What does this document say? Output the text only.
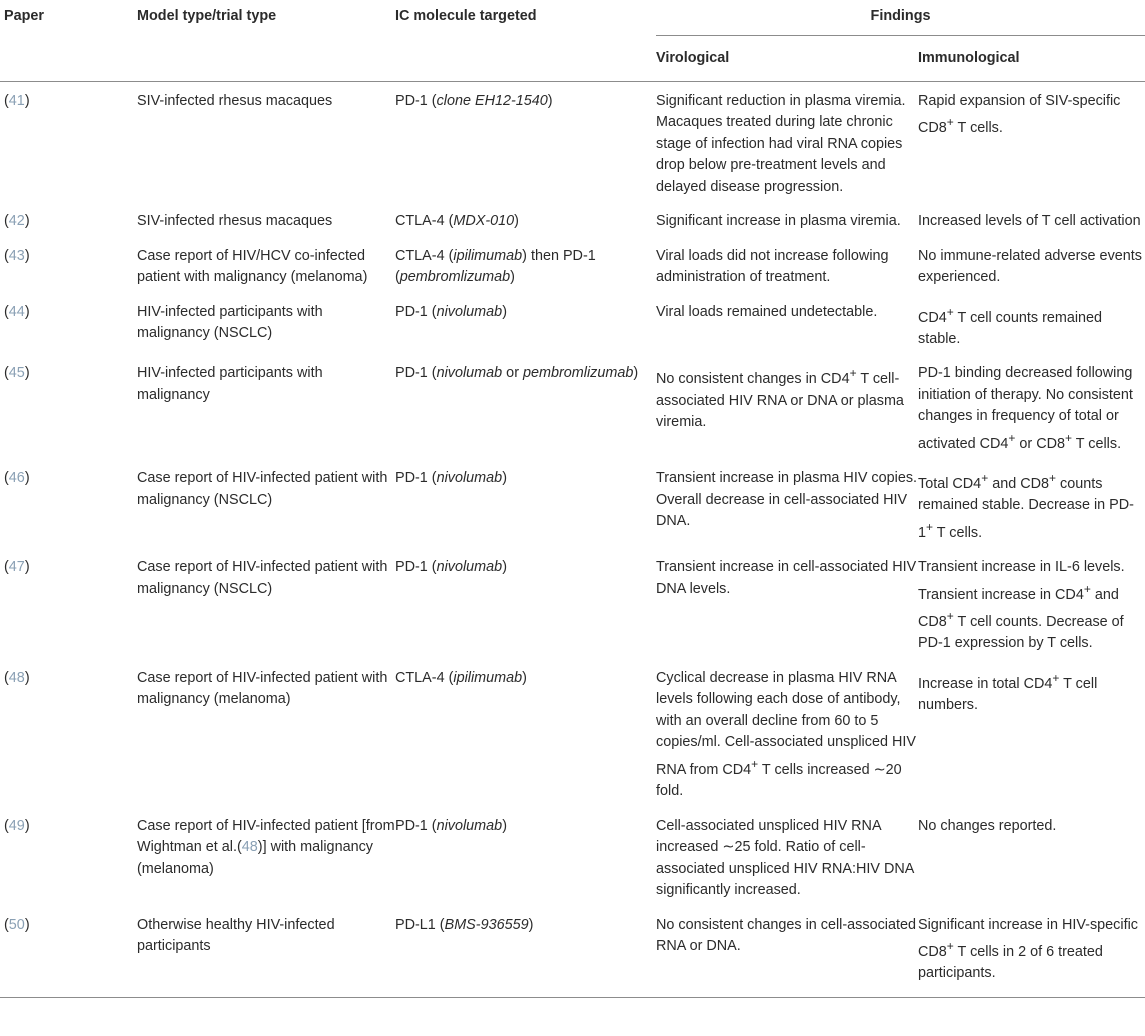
Paper	Model type/trial type	IC molecule targeted	Findings	
			Virological	Immunological
(41)	SIV-infected rhesus macaques	PD-1 (clone EH12-1540)	Significant reduction in plasma viremia. Macaques treated during late chronic stage of infection had viral RNA copies drop below pre-treatment levels and delayed disease progression.	Rapid expansion of SIV-specific CD8+ T cells.
(42)	SIV-infected rhesus macaques	CTLA-4 (MDX-010)	Significant increase in plasma viremia.	Increased levels of T cell activation
(43)	Case report of HIV/HCV co-infected patient with malignancy (melanoma)	CTLA-4 (ipilimumab) then PD-1 (pembromlizumab)	Viral loads did not increase following administration of treatment.	No immune-related adverse events experienced.
(44)	HIV-infected participants with malignancy (NSCLC)	PD-1 (nivolumab)	Viral loads remained undetectable.	CD4+ T cell counts remained stable.
(45)	HIV-infected participants with malignancy	PD-1 (nivolumab or pembromlizumab)	No consistent changes in CD4+ T cell-associated HIV RNA or DNA or plasma viremia.	PD-1 binding decreased following initiation of therapy. No consistent changes in frequency of total or activated CD4+ or CD8+ T cells.
(46)	Case report of HIV-infected patient with malignancy (NSCLC)	PD-1 (nivolumab)	Transient increase in plasma HIV copies. Overall decrease in cell-associated HIV DNA.	Total CD4+ and CD8+ counts remained stable. Decrease in PD-1+ T cells.
(47)	Case report of HIV-infected patient with malignancy (NSCLC)	PD-1 (nivolumab)	Transient increase in cell-associated HIV DNA levels.	Transient increase in IL-6 levels. Transient increase in CD4+ and CD8+ T cell counts. Decrease of PD-1 expression by T cells.
(48)	Case report of HIV-infected patient with malignancy (melanoma)	CTLA-4 (ipilimumab)	Cyclical decrease in plasma HIV RNA levels following each dose of antibody, with an overall decline from 60 to 5 copies/ml. Cell-associated unspliced HIV RNA from CD4+ T cells increased ∼20 fold.	Increase in total CD4+ T cell numbers.
(49)	Case report of HIV-infected patient [from Wightman et al.(48)] with malignancy (melanoma)	PD-1 (nivolumab)	Cell-associated unspliced HIV RNA increased ∼25 fold. Ratio of cell-associated unspliced HIV RNA:HIV DNA significantly increased.	No changes reported.
(50)	Otherwise healthy HIV-infected participants	PD-L1 (BMS-936559)	No consistent changes in cell-associated RNA or DNA.	Significant increase in HIV-specific CD8+ T cells in 2 of 6 treated participants.
